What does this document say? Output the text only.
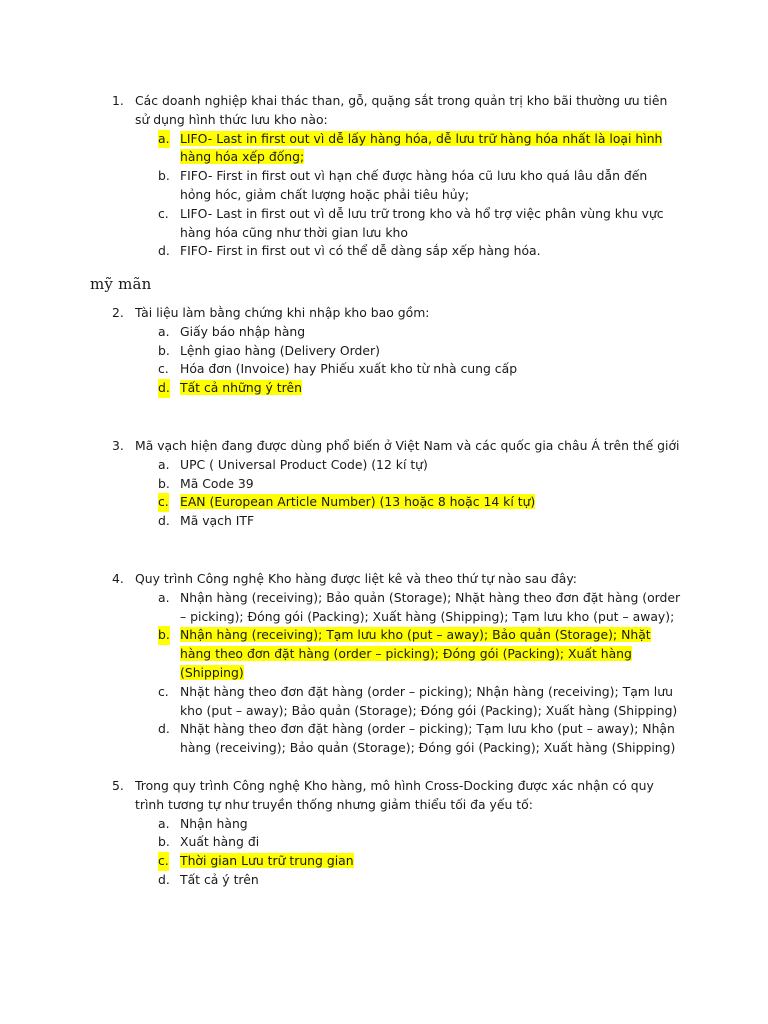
1. Các doanh nghiệp khai thác than, gỗ, quặng sắt trong quản trị kho bãi thường ưu tiên sử dụng hình thức lưu kho nào:
a. LIFO- Last in first out vì dễ lấy hàng hóa, dễ lưu trữ hàng hóa nhất là loại hình hàng hóa xếp đống;
b. FIFO- First in first out vì hạn chế được hàng hóa cũ lưu kho quá lâu dẫn đến hỏng hóc, giảm chất lượng hoặc phải tiêu hủy;
c. LIFO- Last in first out vì dễ lưu trữ trong kho và hổ trợ việc phân vùng khu vực hàng hóa cũng như thời gian lưu kho
d. FIFO- First in first out vì có thể dễ dàng sắp xếp hàng hóa.
mỹ mãn
2. Tài liệu làm bằng chứng khi nhập kho bao gồm:
a. Giấy báo nhập hàng
b. Lệnh giao hàng (Delivery Order)
c. Hóa đơn (Invoice) hay Phiếu xuất kho từ nhà cung cấp
d. Tất cả những ý trên
3. Mã vạch hiện đang được dùng phổ biến ở Việt Nam và các quốc gia châu Á trên thế giới
a. UPC ( Universal Product Code) (12 kí tự)
b. Mã Code 39
c. EAN (European Article Number) (13 hoặc 8 hoặc 14 kí tự)
d. Mã vạch ITF
4. Quy trình Công nghệ Kho hàng được liệt kê và theo thứ tự nào sau đây:
a. Nhận hàng (receiving); Bảo quản (Storage); Nhặt hàng theo đơn đặt hàng (order – picking); Đóng gói (Packing); Xuất hàng (Shipping); Tạm lưu kho (put – away);
b. Nhận hàng (receiving); Tạm lưu kho (put – away); Bảo quản (Storage); Nhặt hàng theo đơn đặt hàng (order – picking); Đóng gói (Packing); Xuất hàng (Shipping)
c. Nhặt hàng theo đơn đặt hàng (order – picking); Nhận hàng (receiving); Tạm lưu kho (put – away); Bảo quản (Storage); Đóng gói (Packing); Xuất hàng (Shipping)
d. Nhặt hàng theo đơn đặt hàng (order – picking); Tạm lưu kho (put – away); Nhận hàng (receiving); Bảo quản (Storage); Đóng gói (Packing); Xuất hàng (Shipping)
5. Trong quy trình Công nghệ Kho hàng, mô hình Cross-Docking được xác nhận có quy trình tương tự như truyền thống nhưng giảm thiểu tối đa yếu tố:
a. Nhận hàng
b. Xuất hàng đi
c. Thời gian Lưu trữ trung gian
d. Tất cả ý trên
